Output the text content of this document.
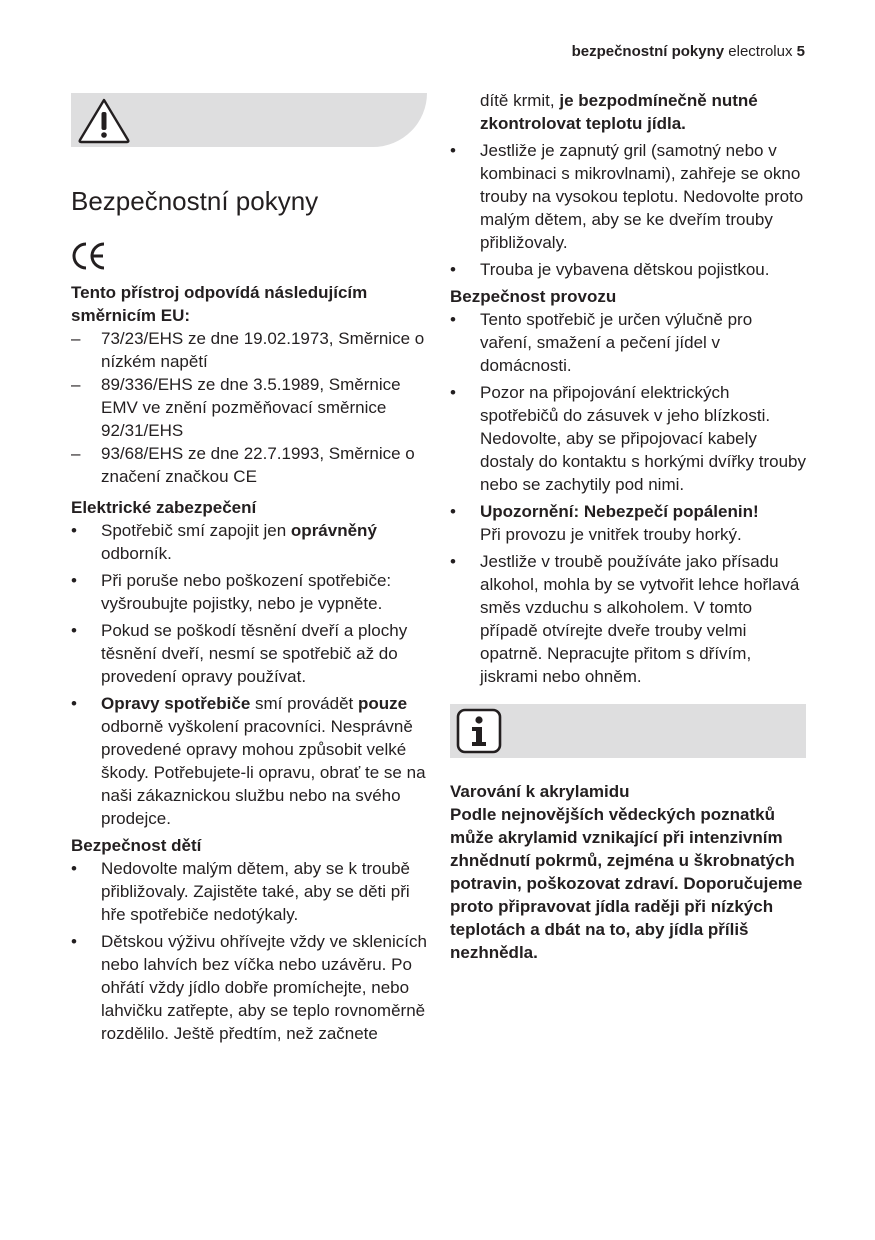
bezpečnostní pokyny electrolux 5
Bezpečnostní pokyny

Tento přístroj odpovídá následujícím směrnicím EU:

– 73/23/EHS ze dne 19.02.1973, Směrnice o nízkém napětí
– 89/336/EHS ze dne 3.5.1989, Směrnice EMV ve znění pozměňovací směrnice 92/31/EHS
– 93/68/EHS ze dne 22.7.1993, Směrnice o značení značkou CE

Elektrické zabezpečení

• Spotřebič smí zapojit jen oprávněný odborník.
• Při poruše nebo poškození spotřebiče: vyšroubujte pojistky, nebo je vypněte.
• Pokud se poškodí těsnění dveří a plochy těsnění dveří, nesmí se spotřebič až do provedení opravy používat.
• Opravy spotřebiče smí provádět pouze odborně vyškolení pracovníci. Nesprávně provedené opravy mohou způsobit velké škody. Potřebujete-li opravu, obrať te se na naši zákaznickou službu nebo na svého prodejce.

Bezpečnost dětí

• Nedovolte malým dětem, aby se k troubě přibližovaly. Zajistěte také, aby se děti při hře spotřebiče nedotýkaly.
• Dětskou výživu ohřívejte vždy ve sklenicích nebo lahvích bez víčka nebo uzávěru. Po ohřátí vždy jídlo dobře promíchejte, nebo lahvičku zatřepte, aby se teplo rovnoměrně rozdělilo. Ještě předtím, než začnete

dítě krmit, je bezpodmínečně nutné zkontrolovat teplotu jídla.

• Jestliže je zapnutý gril (samotný nebo v kombinaci s mikrovlnami), zahřeje se okno trouby na vysokou teplotu. Nedovolte proto malým dětem, aby se ke dveřím trouby přibližovaly.
• Trouba je vybavena dětskou pojistkou.

Bezpečnost provozu

• Tento spotřebič je určen výlučně pro vaření, smažení a pečení jídel v domácnosti.
• Pozor na připojování elektrických spotřebičů do zásuvek v jeho blízkosti. Nedovolte, aby se připojovací kabely dostaly do kontaktu s horkými dvířky trouby nebo se zachytily pod nimi.
• Upozornění: Nebezpečí popálenin!
Při provozu je vnitřek trouby horký.
• Jestliže v troubě používáte jako přísadu alkohol, mohla by se vytvořit lehce hořlavá směs vzduchu s alkoholem. V tomto případě otvírejte dveře trouby velmi opatrně. Nepracujte přitom s dřívím, jiskrami nebo ohněm.

Varování k akrylamidu

Podle nejnovějších vědeckých poznatků může akrylamid vznikající při intenzivním zhnědnutí pokrmů, zejména u škrobnatých potravin, poškozovat zdraví. Doporučujeme proto připravovat jídla raději při nízkých teplotách a dbát na to, aby jídla příliš nezhnědla.
